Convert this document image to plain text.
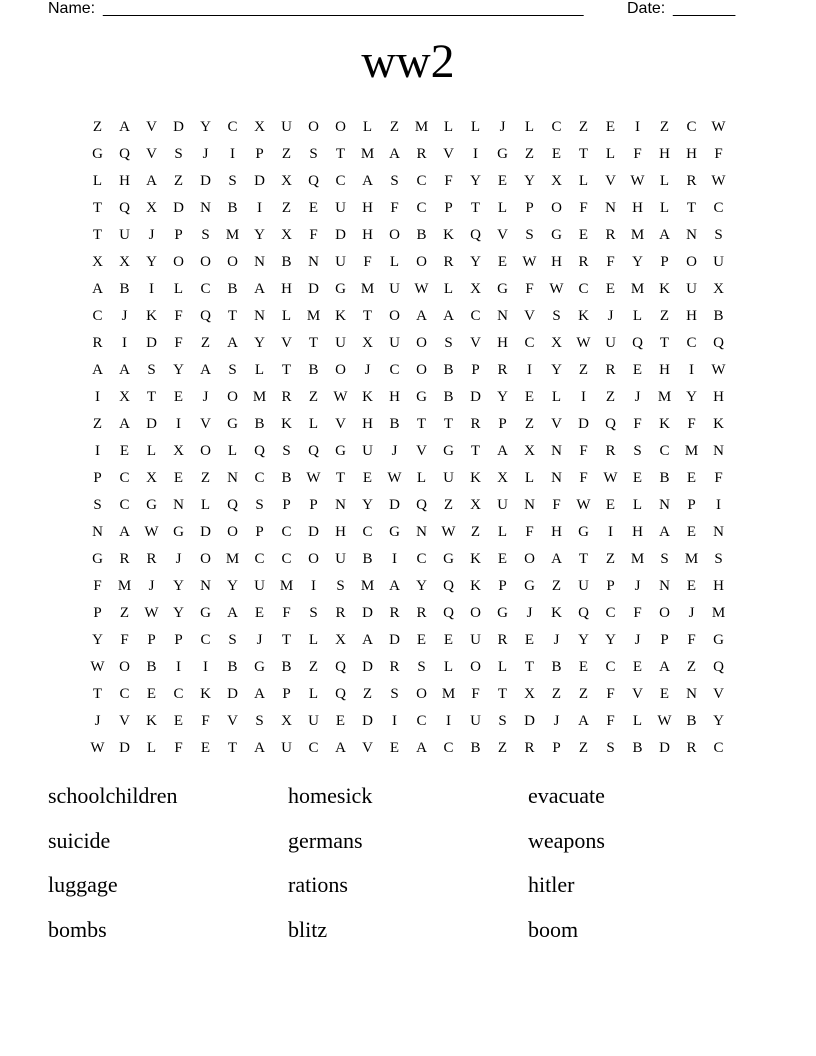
Name: ______________________________________________________	Date: _______
ww2
Z	A	V	D	Y	C	X	U	O	O	L	Z	M	L	L	J	L	C	Z	E	I	Z	C W
G	Q	V	S	J	I	P	Z	S	T	M A	R	V	I	G	Z	E	T	L	F	H	H	F
L	H	A	Z	D	S	D	X	Q	C	A	S	C	F	Y	E	Y	X	L	V W	L	R W
T	Q	X	D	N	B	I	Z	E	U	H	F	C	P	T	L	P	O	F	N	H	L	T	C
T	U	J	P	S	M Y	X	F	D	H	O	B	K	Q	V	S	G	E	R	M A	N	S
X	X	Y	O	O	O	N	B	N	U	F	L	O	R	Y	E	W H	R	F	Y	P	O	U
A	B	I	L	C	B	A	H	D	G M U W	L	X	G	F	W C	E	M K	U	X
C	J	K	F	Q	T	N	L	M K	T	O	A	A	C	N	V	S	K	J	L	Z	H	B
R	I	D	F	Z	A	Y	V	T	U	X	U	O	S	V	H	C	X W U	Q	T	C	Q
A	A	S	Y	A	S	L	T	B	O	J	C	O	B	P	R	I	Y	Z	R	E	H	I	W
I	X	T	E	J	O M	R	Z	W K	H	G	B	D	Y	E	L	I	Z	J	M Y	H
Z	A	D	I	V	G	B	K	L	V	H	B	T	T	R	P	Z	V	D	Q	F	K	F	K
I	E	L	X	O	L	Q	S	Q	G	U	J	V	G	T	A	X	N	F	R	S	C	M N
P	C	X	E	Z	N	C	B W	T	E	W	L	U	K	X	L	N	F	W	E	B	E	F
S	C	G	N	L	Q	S	P	P	N	Y	D	Q	Z	X	U	N	F	W	E	L	N	P	I
N	A W G	D	O	P	C	D	H	C	G	N W	Z	L	F	H	G	I	H	A	E	N
G	R	R	J	O M	C	C	O	U	B	I	C	G	K	E	O	A	T	Z	M	S	M	S
F	M	J	Y	N	Y	U M	I	S	M A	Y	Q	K	P	G	Z	U	P	J	N	E	H
P	Z	W Y	G	A	E	F	S	R	D	R	R	Q	O	G	J	K	Q	C	F	O	J	M
Y	F	P	P	C	S	J	T	L	X	A	D	E	E	U	R	E	J	Y	Y	J	P	F	G
W O	B	I	I	B	G	B	Z	Q	D	R	S	L	O	L	T	B	E	C	E	A	Z	Q
T	C	E	C	K	D	A	P	L	Q	Z	S	O M	F	T	X	Z	Z	F	V	E	N	V
J	V	K	E	F	V	S	X	U	E	D	I	C	I	U	S	D	J	A	F	L	W B	Y
W D	L	F	E	T	A	U	C	A	V	E	A	C	B	Z	R	P	Z	S	B	D	R	C
schoolchildren	homesick	evacuate
suicide	germans	weapons
luggage	rations	hitler
bombs	blitz	boom
